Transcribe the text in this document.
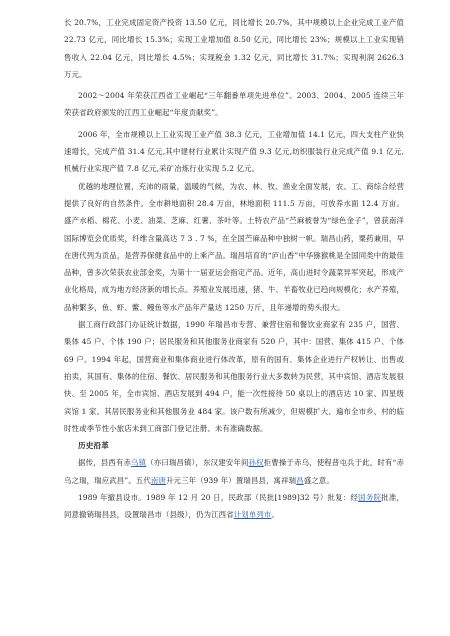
长 20.7%，工业完成固定资产投资 13.50 亿元，同比增长 20.7%，其中规模以上企业完成工业产值 22.73 亿元，同比增长 15.3%；实现工业增加值 8.50 亿元，同比增长 23%；规模以上工业实现销售收入 22.04 亿元，同比增长 4.5%；实现税金 1.32 亿元，同比增长 31.7%；实现利润 2626.3 万元。

2002～2004 年荣获江西省工业崛起“三年翻番单项先进单位”。2003、2004、2005 连续三年荣获省政府颁发的江西工业崛起“年度贡献奖”。

2006 年，全市规模以上工业实现工业产值 38.3 亿元，工业增加值 14.1 亿元，四大支柱产业快速增长，完成产值 31.4 亿元,其中建材行业累计实现产值 9.3 亿元,纺织服装行业完成产值 9.1 亿元,机械行业实现产值 7.8 亿元,采矿冶炼行业实现 5.2 亿元。

优越的地理位置，充沛的雨量，温暖的气候，为农、林、牧、渔业全面发展，农、工、商综合经营提供了良好的自然条件。全市耕地面积 28.4 万亩，林地面积 111.5 万亩，可放养水面 12.4 万亩。盛产水稻、棉花、小麦、油菜、芝麻、红薯、茶叶等。土特农产品“苎麻被誉为“绿色金子”，曾获南洋国际博览会优质奖，纤维含量高达 7 3 . 7 %，在全国苎麻品种中独树一帜。瑞昌山药，粟药兼用，早在唐代列为贡品，是营养保健食品中的上乘产品。瑞昌培育的“庐山香”中华猕猴桃是全国同类中的最佳品种，曾多次荣获农业部金奖，为第十一届亚运会指定产品。近年，高山进时令蔬菜异军突起，形成产业化格局，成为地方经济新的增长点。养殖业发展迅速，猪、牛、羊畜牧业已趋向规模化；水产养殖，品种繁多，鱼、虾、鳖、鳗鱼等水产品年产量达 1250 万斤，且年递增的势头很大。

据工商行政部门办证统计数据，1990 年瑞昌市专营、兼营住宿和餐饮业商家有 235 户，国营、集体 45 户、个体 190 户；居民服务和其他服务业商家有 520 户，其中：国营、集体 415 户、个体 69 户。1994 年起，国营商业和集体商业进行体改革，原有的国有、集体企业进行产权转让、出售或拍卖，其国有、集体的住宿、餐饮、居民服务和其他服务行业大多数转为民营，其中宾馆、酒店发展很快、至 2005 年，全市宾馆、酒店发展到 494 户，能一次性接待 50 桌以上的酒店达 10 家、四星级宾馆 1 家。其居民服务业和其他服务业 484 家。该户数有所减少，但规模扩大、遍布全市乡、村的临时性或季节性小旅店未到工商部门登记注册、未有准确数据。

历史沿革

据传，县西有赤乌镇（亦曰瑞昌镇），东汉建安年间孙权拒曹操于赤乌，使程普屯兵于此，时有“赤乌之瑞，瑞应武昌”。五代南唐升元三年（939 年）置瑞昌县，寓祥瑞昌盛之意。

1989 年撤县设市。1989 年 12 月 20 日，民政部（民批[1989]32 号）批复：经国务院批准，同意撤销瑞昌县，设置瑞昌市（县级），仍为江西省计划单列市。
